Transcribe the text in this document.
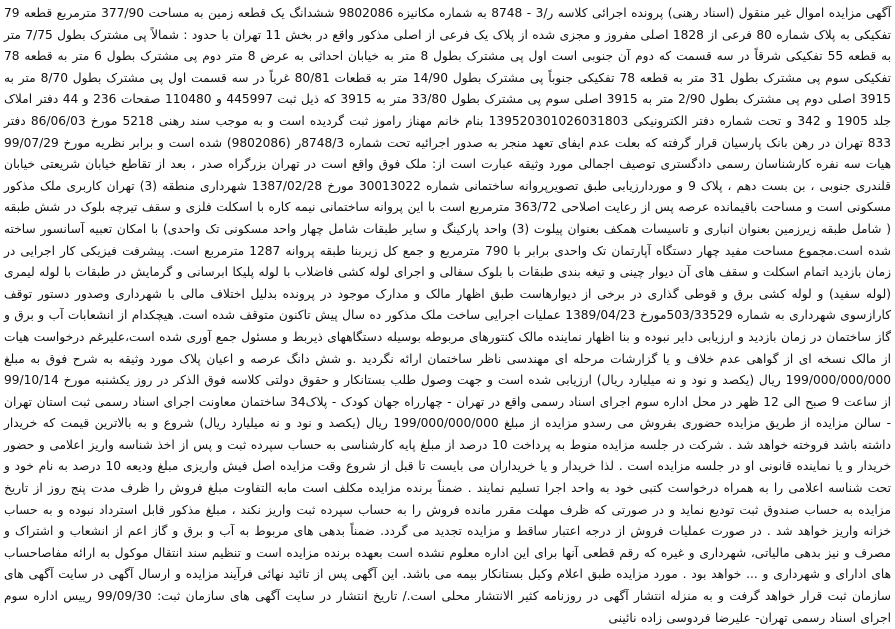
آگهی مزایده اموال غیر منقول (اسناد رهنی) پرونده اجرائی کلاسه ر/3 - 8748 به شماره مکانیزه 9802086 ششدانگ یک قطعه زمین به مساحت 377/90 مترمربع قطعه 79 تفکیکی به پلاک شماره 80 فرعی از 1828 اصلی مفروز و مجزی شده از پلاک یک فرعی از اصلی مذکور واقع در بخش 11 تهران با حدود : شمالاً پی مشترک بطول 7/75 متر به قطعه 55 تفکیکی شرقاً در سه قسمت که دوم آن جنوبی است اول پی مشترک بطول 8 متر به خیابان احداثی به عرض 8 متر دوم پی مشترک بطول 6 متر به قطعه 78 تفکیکی سوم پی مشترک بطول 31 متر به قطعه 78 تفکیکی جنوباً پی مشترک بطول 14/90 متر به قطعات 80/81 غرباً در سه قسمت اول پی مشترک بطول 8/70 متر به 3915 اصلی دوم پی مشترک بطول 2/90 متر به 3915 اصلی سوم پی مشترک بطول 33/80 متر به 3915 که ذیل ثبت 445997 و 110480 صفحات 236 و 44 دفتر املاک جلد 1905 و 342 و تحت شماره دفتر الکترونیکی 139520301026031803 بنام خانم مهناز راموز ثبت گردیده است و به موجب سند رهنی 5218 مورخ 86/06/03 دفتر 833 تهران در رهن بانک پارسیان قرار گرفته که بعلت عدم ایفای تعهد منجر به صدور اجرائیه تحت شماره 8748/3ر (9802086) شده است و برابر نظریه مورخ 99/07/29 هیات سه نفره کارشناسان رسمی دادگستری توصیف اجمالی مورد وثیقه عبارت است از: ملک فوق واقع است در تهران بزرگراه صدر ، بعد از تقاطع خیابان شریعتی خیابان قلندری جنوبی ، بن بست دهم ، پلاک 9 و موردارزیابی طبق تصویرپروانه ساختمانی شماره 30013022 مورخ 1387/02/28 شهرداری منطقه (3) تهران کاربری ملک مذکور مسکونی است و مساحت باقیمانده عرصه پس از رعایت اصلاحی 363/72 مترمربع است با این پروانه ساختمانی نیمه کاره با اسکلت فلزی و سقف تیرچه بلوک در شش طبقه ( شامل طبقه زیرزمین بعنوان انباری و تاسیسات همکف بعنوان پیلوت (3) واحد پارکینگ و سایر طبقات شامل چهار واحد مسکونی تک واحدی) با امکان تعبیه آسانسور ساخته شده است.مجموع مساحت مفید چهار دستگاه آپارتمان تک واحدی برابر با 790 مترمربع و جمع کل زیربنا طبقه پروانه 1287 مترمربع است. پیشرفت فیزیکی کار اجرایی در زمان بازدید اتمام اسکلت و سقف های آن دیوار چینی و تیغه بندی طبقات با بلوک سفالی و اجرای لوله کشی فاضلاب با لوله پلیکا ابرسانی و گرمایش در طبقات با لوله لیمری (لوله سفید) و لوله کشی برق و قوطی گذاری در برخی از دیوارهاست طبق اظهار مالک و مدارک موجود در پرونده بدلیل اختلاف مالی با شهرداری وصدور دستور توقف کارازسوی شهرداری به شماره 503/33529مورخ 1389/04/23 عملیات اجرایی ساخت ملک مذکور ده سال پیش تاکنون متوقف شده است. هیچکدام از انشعابات آب و برق و گاز ساختمان در زمان بازدید و ارزیابی دایر نبوده و بنا اظهار نماینده مالک کنتورهای مربوطه بوسیله دستگاههای ذیربط و مسئول جمع آوری شده است،علیرغم درخواست هیات از مالک نسخه ای از گواهی عدم خلاف و یا گزارشات مرحله ای مهندسی ناظر ساختمان ارائه نگردید .و شش دانگ عرصه و اعیان پلاک مورد وثیقه به شرح فوق به مبلغ 199/000/000/000 ریال (یکصد و نود و نه میلیارد ریال) ارزیابی شده است و جهت وصول طلب بستانکار و حقوق دولتی کلاسه فوق الذکر در روز یکشنبه مورخ 99/10/14 از ساعت 9 صبح الی 12 ظهر در محل اداره سوم اجرای اسناد رسمی واقع در تهران - چهارراه جهان کودک - پلاک34 ساختمان معاونت اجرای اسناد رسمی ثبت استان تهران - سالن مزایده از طریق مزایده حضوری بفروش می رسدو مزایده از مبلغ 199/000/000/000 ریال (یکصد و نود و نه میلیارد ریال) شروع و به بالاترین قیمت که خریدار داشته باشد فروخته خواهد شد . شرکت در جلسه مزایده منوط به پرداخت 10 درصد از مبلغ پایه کارشناسی به حساب سپرده ثبت و پس از اخذ شناسه واریز اعلامی و حضور خریدار و یا نماینده قانونی او در جلسه مزایده است . لذا خریدار و یا خریداران می بایست تا قبل از شروع وقت مزایده اصل فیش واریزی مبلغ ودیعه 10 درصد به نام خود و تحت شناسه اعلامی را به همراه درخواست کتبی خود به واحد اجرا تسلیم نمایند . ضمناً برنده مزایده مکلف است مابه التفاوت مبلغ فروش را ظرف مدت پنج روز از تاریخ مزایده به حساب صندوق ثبت تودیع نماید و در صورتی که ظرف مهلت مقرر مانده فروش را به حساب سپرده ثبت واریز نکند ، مبلغ مذکور قابل استرداد نبوده و به حساب خزانه واریز خواهد شد . در صورت عملیات فروش از درجه اعتبار ساقط و مزایده تجدید می گردد. ضمناً بدهی های مربوط به آب و برق و گاز اعم از انشعاب و اشتراک و مصرف و نیز بدهی مالیاتی، شهرداری و غیره که رقم قطعی آنها برای این اداره معلوم نشده است بعهده برنده مزایده است و تنظیم سند انتقال موکول به ارائه مفاصاحساب های ادارای و شهرداری و ... خواهد بود . مورد مزایده طبق اعلام وکیل بستانکار بیمه می باشد. این آگهی پس از تائید نهائی فرآیند مزایده و ارسال آگهی در سایت آگهی های سازمان ثبت قرار خواهد گرفت و به منزله انتشار آگهی در روزنامه کثیر الانتشار محلی است./ تاریخ انتشار در سایت آگهی های سازمان ثبت: 99/09/30 رییس اداره سوم اجرای اسناد رسمی تهران- علیرضا فردوسی زاده نائینی
